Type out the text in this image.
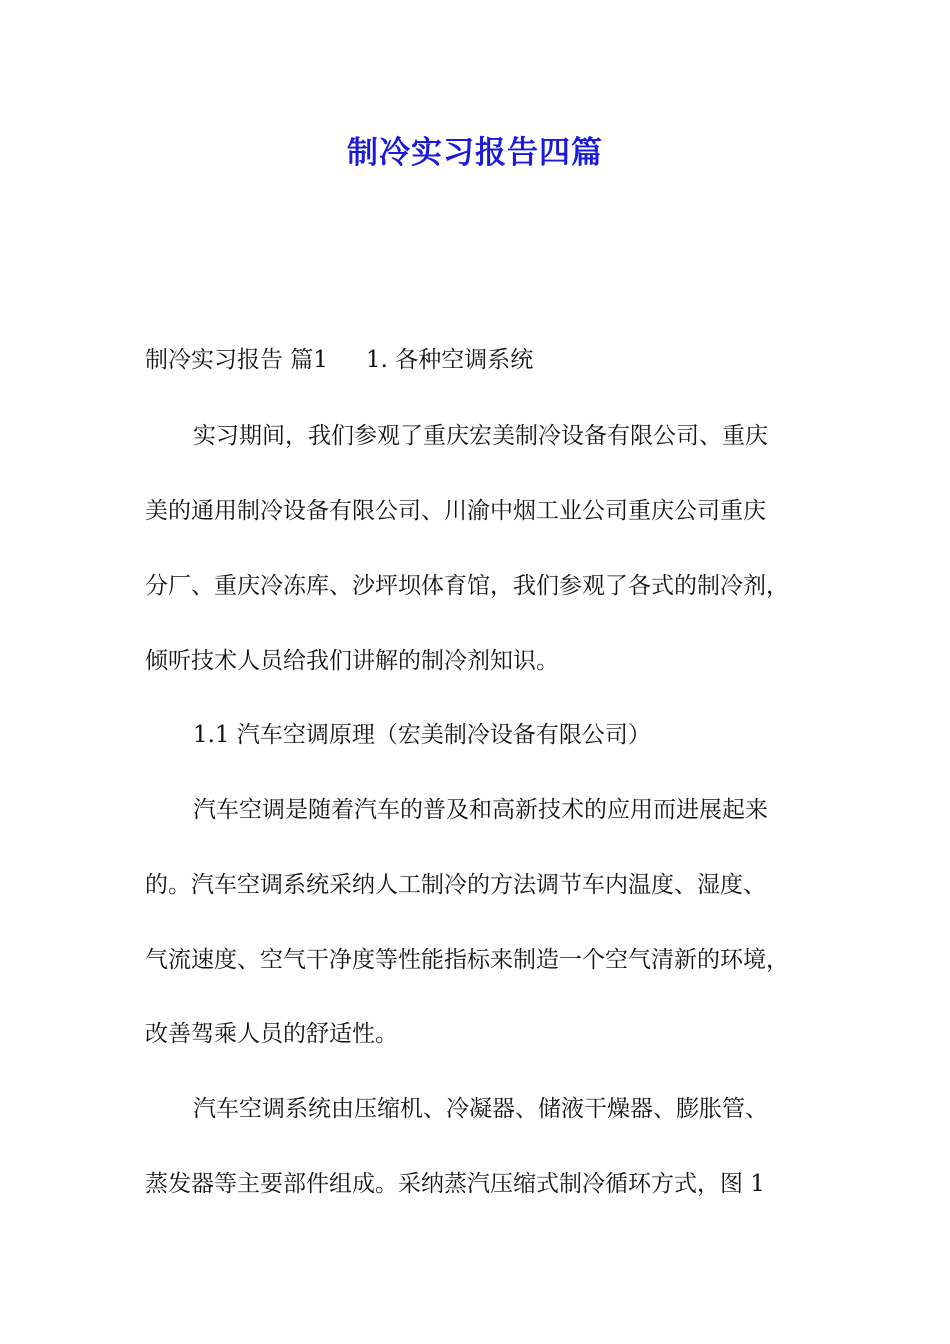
制冷实习报告四篇
制冷实习报告 篇1 1. 各种空调系统
实习期间，我们参观了重庆宏美制冷设备有限公司、重庆
美的通用制冷设备有限公司、川渝中烟工业公司重庆公司重庆
分厂、重庆冷冻库、沙坪坝体育馆，我们参观了各式的制冷剂，
倾听技术人员给我们讲解的制冷剂知识。
1.1 汽车空调原理（宏美制冷设备有限公司）
汽车空调是随着汽车的普及和高新技术的应用而进展起来
的。汽车空调系统采纳人工制冷的方法调节车内温度、湿度、
气流速度、空气干净度等性能指标来制造一个空气清新的环境，
改善驾乘人员的舒适性。
汽车空调系统由压缩机、冷凝器、储液干燥器、膨胀管、
蒸发器等主要部件组成。采纳蒸汽压缩式制冷循环方式，图 1
